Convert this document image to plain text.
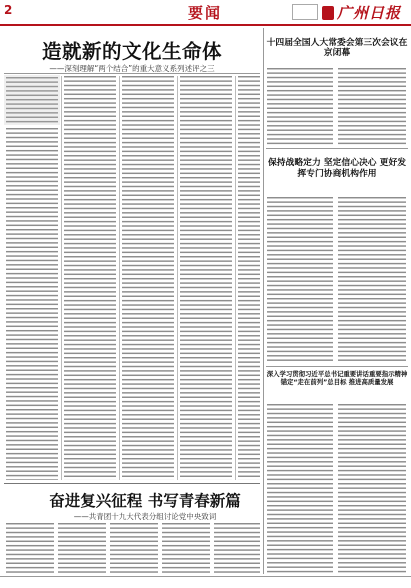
2	要闻	广州日报
造就新的文化生命体
——深刻理解“两个结合”的重大意义系列述评之三
十四届全国人大常委会第三次会议在京闭幕
保持战略定力 坚定信心决心 更好发挥专门协商机构作用
深入学习贯彻习近平总书记重要讲话重要指示精神 锚定“走在前列”总目标 推进高质量发展
奋进复兴征程 书写青春新篇
——共青团十九大代表分组讨论党中央致词
